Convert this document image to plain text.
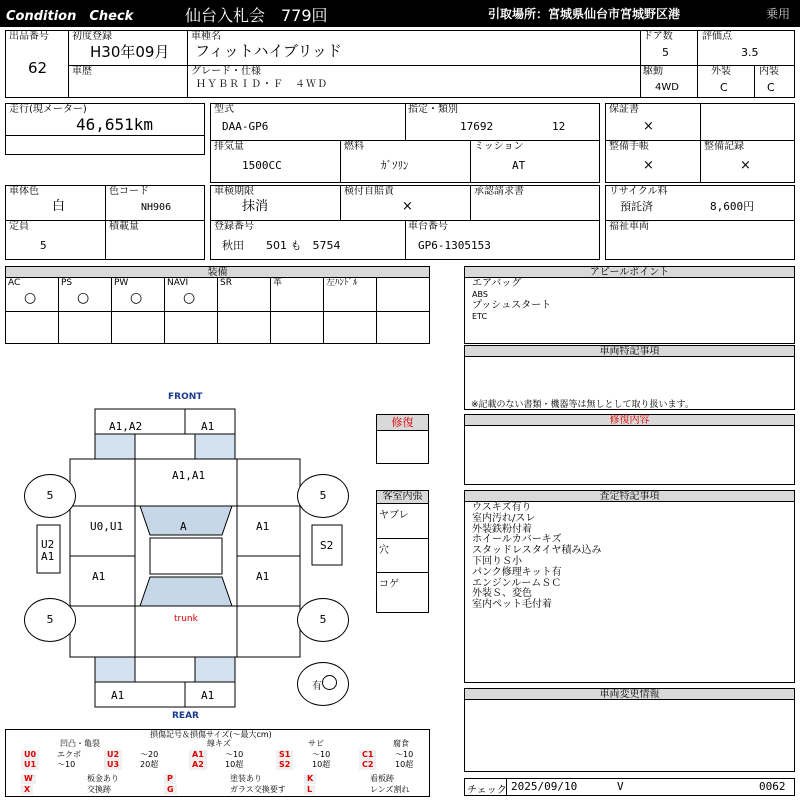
Condition　Check	仙台入札会　779回	引取場所：宮城県仙台市宮城野区港	乗用
出品番号
62
初度登録
H30年09月
車種名
フィットハイブリッド
ドア数
5
評価点
3.5
車歴	グレード・仕様
ＨＹＢＲＩＤ・Ｆ　４ＷＤ
駆動
4WD
外装
C
内装
C
走行(現メーター)
46,651km
型式
DAA-GP6
指定・類別
17692	12
排気量
1500CC
燃料
ｶﾞｿﾘﾝ
ミッション
AT
保証書
×
整備手帳
×
整備記録
×
車体色
白
色コード
NH906
定員
5
積載量
車検期限
抹消
検付自賠責
×
承認請求書
登録番号
秋田　　501 も　5754
車台番号
GP6-1305153
リサイクル料
預託済	8,600円
福祉車両
装備
AC
○
PS
○
PW
○
NAVI
○
SR	革	左ﾊﾝﾄﾞﾙ
アピールポイント
エアバッグ
ABS
プッシュスタート
ETC
車両特記事項
※記載のない書類・機器等は無しとして取り扱います。
修復内容
査定特記事項
ウスキズ有り
室内汚れ/スレ
外装鉄粉付着
ホイールカバーキズ
スタッドレスタイヤ積み込み
下回りＳ小
パンク修理キット有
エンジンルームＳＣ
外装Ｓ、変色
室内ペット毛付着
車両変更情報
チェック 2025/09/10	V	0062
FRONT
REAR
A1,A2	A1
A1,A1
A
U0,U1	A1
A1	A1
U2
A1
S2
trunk
A1	A1
5	5
5	5
有
修復
客室内張
ヤブレ
穴
コゲ
損傷記号＆損傷サイズ(〜最大cm)
凹凸・亀裂	線キズ	サビ	腐食
U0	エクボ	U2	〜20	A1	〜10	S1	〜10	C1	〜10
U1	〜10	U3	20超	A2	10超	S2	10超	C2	10超
W	板金あり	P	塗装あり	K	看板跡
X	交換跡	G	ガラス交換要す	L	レンズ割れ
